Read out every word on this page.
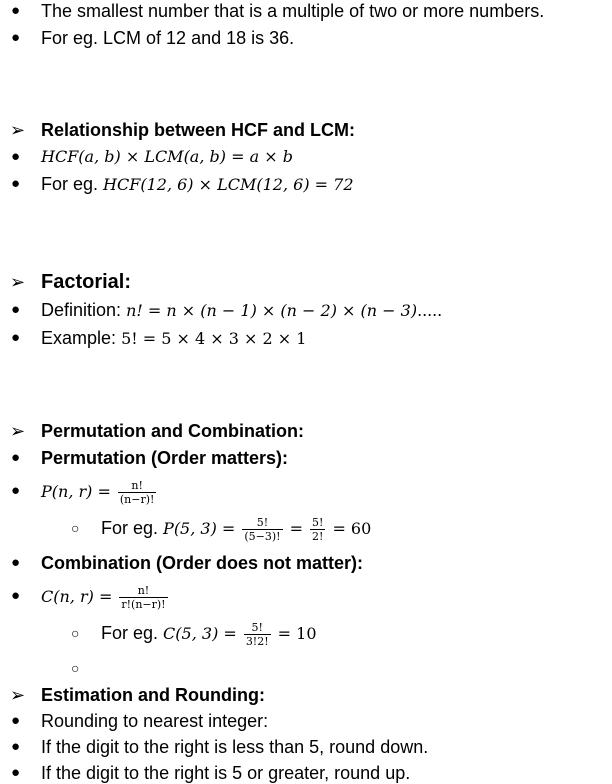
● The smallest number that is a multiple of two or more numbers.
● For eg. LCM of 12 and 18 is 36.
➢ Relationship between HCF and LCM:
● HCF(a, b) × LCM(a, b) = a × b
● For eg. HCF(12, 6) × LCM(12, 6) = 72
➢ Factorial:
● Definition: n! = n × (n − 1) × (n − 2) × (n − 3).....
● Example: 5! = 5 × 4 × 3 × 2 × 1
➢ Permutation and Combination:
● Permutation (Order matters):
● P(n, $r) = \frac{n!}{(n-r)!}$
○ For eg. P(5, $3) = \frac{5!}{(5-3)!} = \frac{5!}{2!} = 60$
● Combination (Order does not matter):
● C(n, $r) = \frac{n!}{r!(n-r)!}$
○ For eg. C(5, $3) = \frac{5!}{3!2!} = 10$
○
➢ Estimation and Rounding:
● Rounding to nearest integer:
● If the digit to the right is less than 5, round down.
● If the digit to the right is 5 or greater, round up.
